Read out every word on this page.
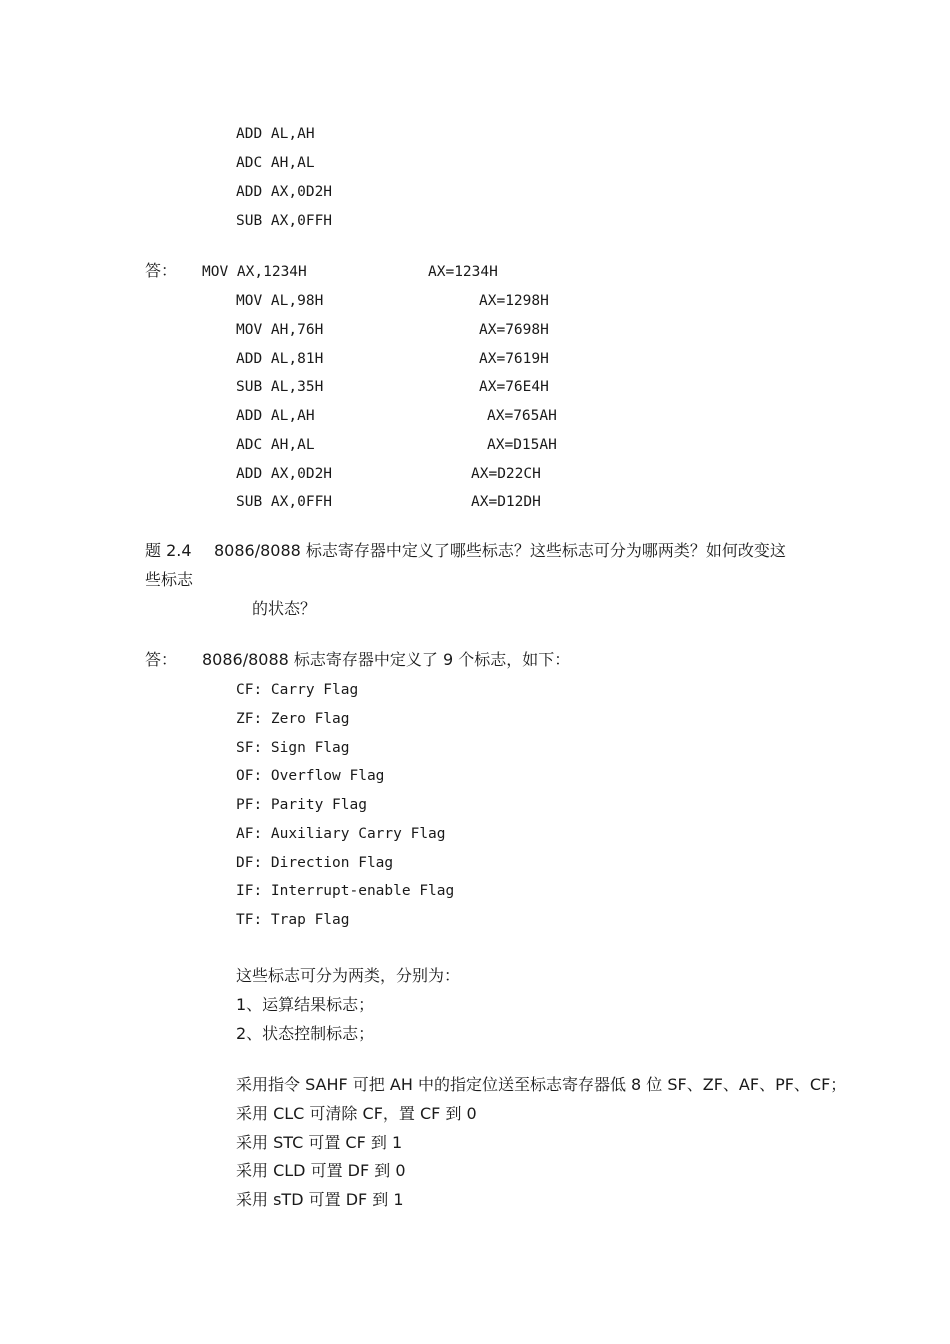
ADD AL,AH
ADC AH,AL
ADD AX,0D2H
SUB AX,0FFH
答： MOV AX,1234H	AX=1234H
MOV AL,98H	AX=1298H
MOV AH,76H	AX=7698H
ADD AL,81H	AX=7619H
SUB AL,35H	AX=76E4H
ADD AL,AH	AX=765AH
ADC AH,AL	AX=D15AH
ADD AX,0D2H	AX=D22CH
SUB AX,0FFH	AX=D12DH
题 2.4 8086/8088 标志寄存器中定义了哪些标志？这些标志可分为哪两类？如何改变这
些标志
的状态？
答： 8086/8088 标志寄存器中定义了 9 个标志，如下：
CF: Carry Flag
ZF: Zero Flag
SF: Sign Flag
OF: Overflow Flag
PF: Parity Flag
AF: Auxiliary Carry Flag
DF: Direction Flag
IF: Interrupt-enable Flag
TF: Trap Flag
这些标志可分为两类，分别为：
1、运算结果标志；
2、状态控制标志；
采用指令 SAHF 可把 AH 中的指定位送至标志寄存器低 8 位 SF、ZF、AF、PF、CF；
采用 CLC 可清除 CF，置 CF 到 0
采用 STC 可置 CF 到 1
采用 CLD 可置 DF 到 0
采用 sTD 可置 DF 到 1
